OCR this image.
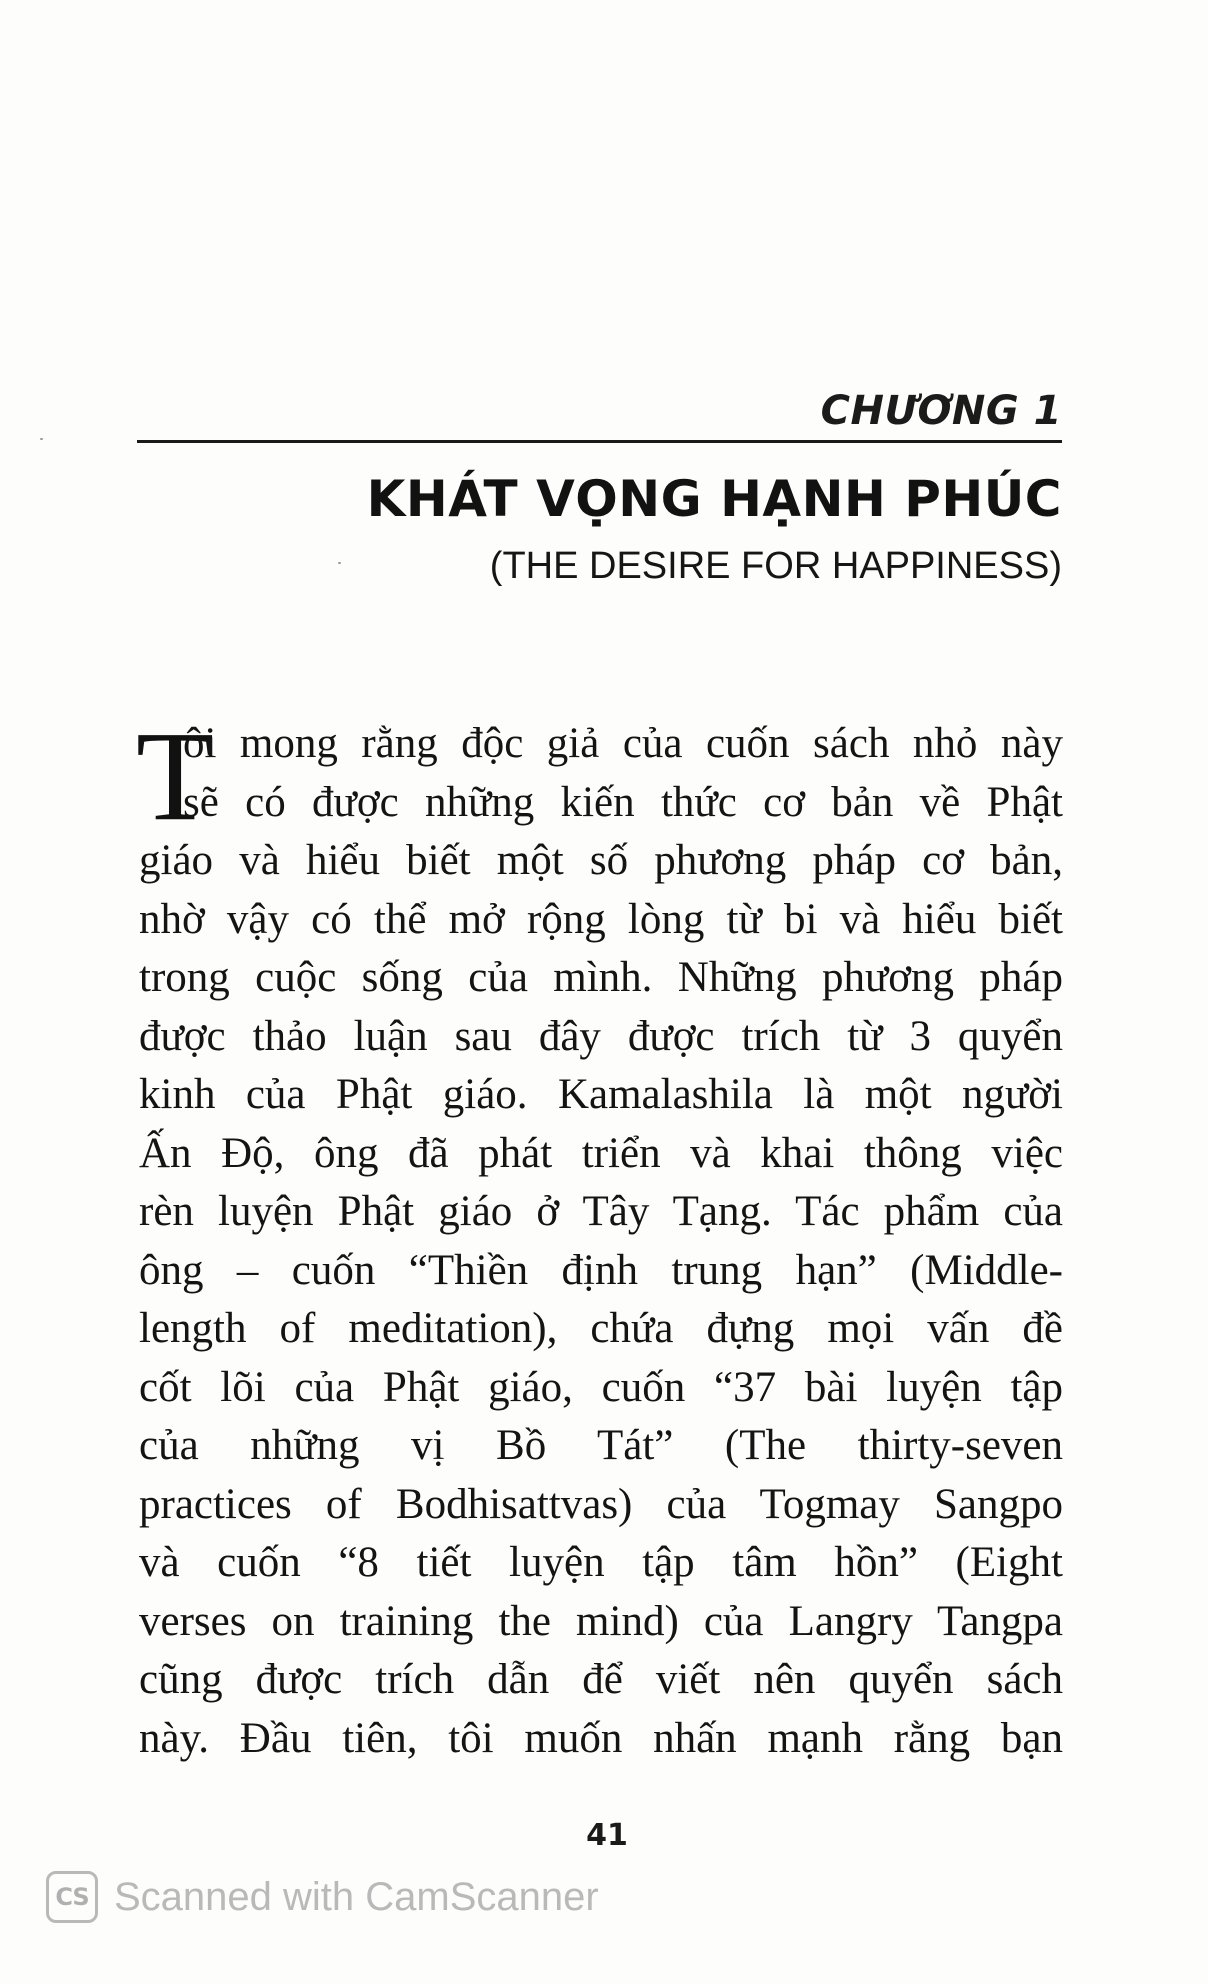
CHƯƠNG 1
KHÁT VỌNG HẠNH PHÚC
(THE DESIRE FOR HAPPINESS)
T
ôi mong rằng độc giả của cuốn sách nhỏ này
sẽ có được những kiến thức cơ bản về Phật
giáo và hiểu biết một số phương pháp cơ bản,
nhờ vậy có thể mở rộng lòng từ bi và hiểu biết
trong cuộc sống của mình. Những phương pháp
được thảo luận sau đây được trích từ 3 quyển
kinh của Phật giáo. Kamalashila là một người
Ấn Độ, ông đã phát triển và khai thông việc
rèn luyện Phật giáo ở Tây Tạng. Tác phẩm của
ông – cuốn “Thiền định trung hạn” (Middle-
length of meditation), chứa đựng mọi vấn đề
cốt lõi của Phật giáo, cuốn “37 bài luyện tập
của những vị Bồ Tát” (The thirty-seven
practices of Bodhisattvas) của Togmay Sangpo
và cuốn “8 tiết luyện tập tâm hồn” (Eight
verses on training the mind) của Langry Tangpa
cũng được trích dẫn để viết nên quyển sách
này. Đầu tiên, tôi muốn nhấn mạnh rằng bạn
41
CS Scanned with CamScanner
